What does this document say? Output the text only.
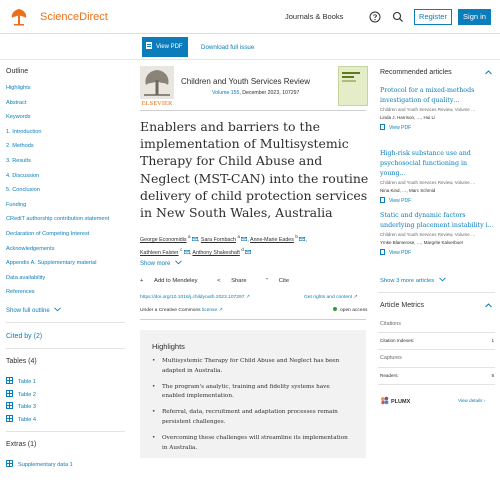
ScienceDirect	Journals & Books	Register	Sign in
View PDF	Download full issue
Outline
Highlights
Abstract
Keywords
1. Introduction
2. Methods
3. Results
4. Discussion
5. Conclusion
Funding
CRediT authorship contribution statement
Declaration of Competing Interest
Acknowledgements
Appendix A. Supplementary material
Data availability
References
Show full outline
Cited by (2)
Tables (4)
Table 1
Table 2
Table 3
Table 4
Extras (1)
Supplementary data 1
ELSEVIER
Children and Youth Services Review
Volume 155, December 2023, 107297
Enablers and barriers to the implementation of Multisystemic Therapy for Child Abuse and Neglect (MST-CAN) into the routine delivery of child protection services in New South Wales, Australia
George Economidis $^a$ , Sara Fornbach $^a$ , Anne-Marie Eades $^b$ ,
Kathleen Falster $^c$ , Anthony Shakeshaft $^d$
Show more
+ Add to Mendeley	< Share	” Cite
https://doi.org/10.1016/j.childyouth.2023.107297 ↗	Get rights and content ↗
Under a Creative Commons license ↗	open access
Highlights
• Multisystemic Therapy for Child Abuse and Neglect has been adapted in Australia.
• The program's analytic, training and fidelity systems have enabled implementation.
• Referral, data, recruitment and adaptation processes remain persistent challenges.
• Overcoming these challenges will streamline its implementation in Australia.
Recommended articles
Protocol for a mixed-methods investigation of quality…
Children and Youth Services Review, Volume …
Linda J. Harrison, …, Hui Li
View PDF
High-risk substance use and psychosocial functioning in young…
Children and Youth Services Review, Volume …
Nina Kind, …, Marc Schmid
View PDF
Static and dynamic factors underlying placement instability i…
Children and Youth Services Review, Volume …
Ymke Blamerose, …, Margrite Kalverboer
View PDF
Show 3 more articles
Article Metrics
Citations
Citation Indexes:	1
Captures
Readers:	8
PLUMX	View details ›
